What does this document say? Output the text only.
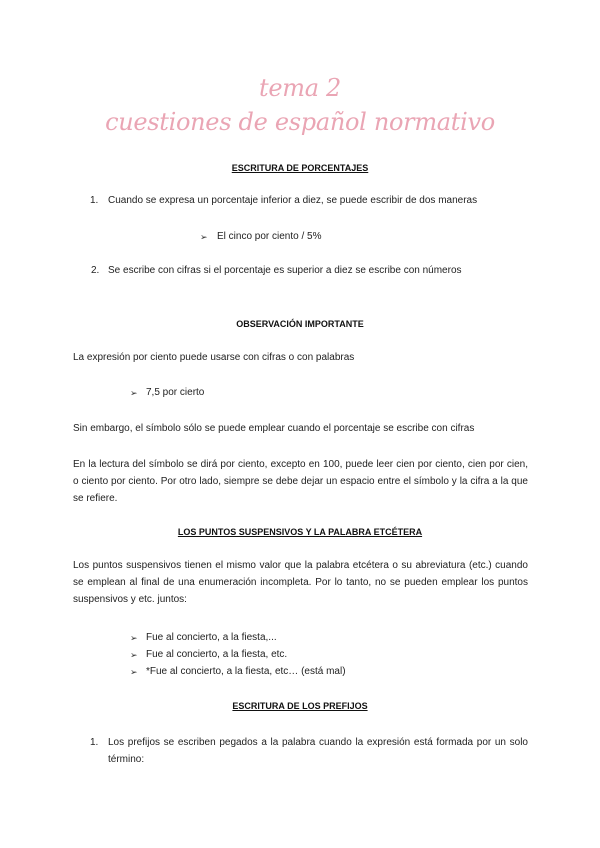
tema 2
cuestiones de español normativo
ESCRITURA DE PORCENTAJES
1. Cuando se expresa un porcentaje inferior a diez, se puede escribir de dos maneras
➢ El cinco por ciento / 5%
2. Se escribe con cifras si el porcentaje es superior a diez se escribe con números
OBSERVACIÓN IMPORTANTE
La expresión por ciento puede usarse con cifras o con palabras
➢ 7,5 por cierto
Sin embargo, el símbolo sólo se puede emplear cuando el porcentaje se escribe con cifras
En la lectura del símbolo se dirá por ciento, excepto en 100, puede leer cien por ciento, cien por cien, o ciento por ciento. Por otro lado, siempre se debe dejar un espacio entre el símbolo y la cifra a la que se refiere.
LOS PUNTOS SUSPENSIVOS Y LA PALABRA ETCÉTERA
Los puntos suspensivos tienen el mismo valor que la palabra etcétera o su abreviatura (etc.) cuando se emplean al final de una enumeración incompleta. Por lo tanto, no se pueden emplear los puntos suspensivos y etc. juntos:
➢ Fue al concierto, a la fiesta,...
➢ Fue al concierto, a la fiesta, etc.
➢ *Fue al concierto, a la fiesta, etc… (está mal)
ESCRITURA DE LOS PREFIJOS
1. Los prefijos se escriben pegados a la palabra cuando la expresión está formada por un solo término:
